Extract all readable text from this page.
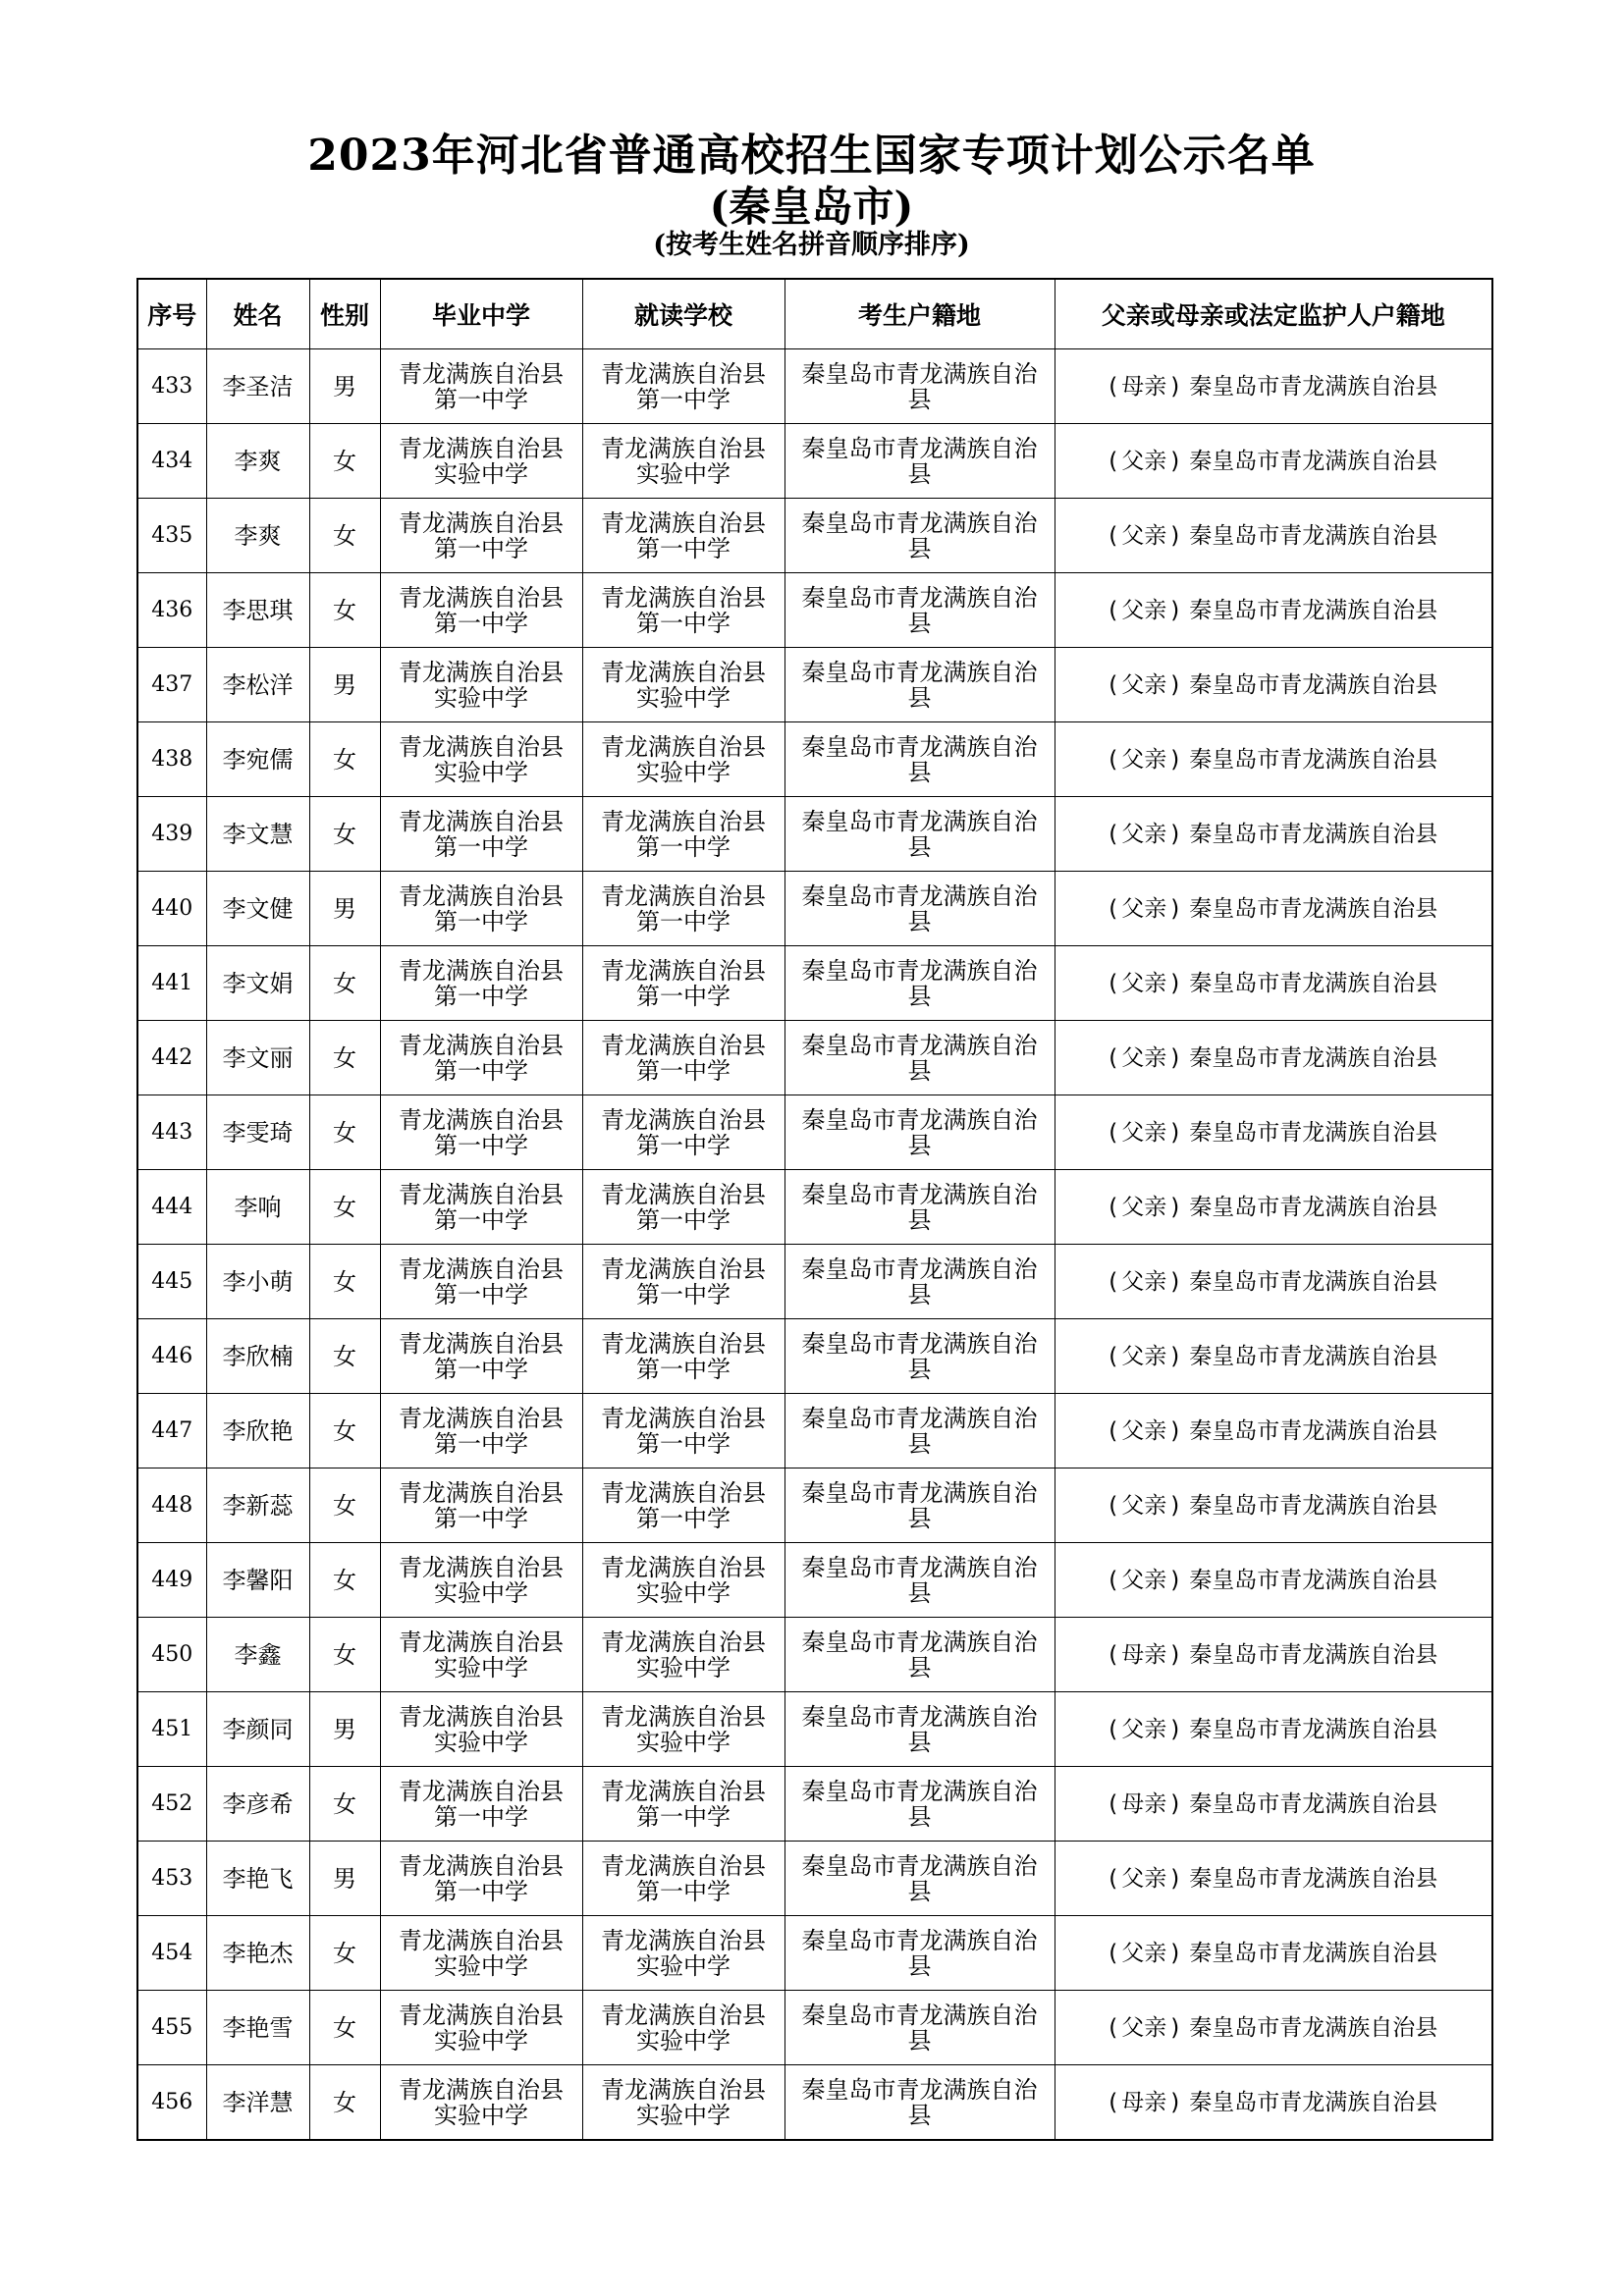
2023年河北省普通高校招生国家专项计划公示名单
(秦皇岛市)
(按考生姓名拼音顺序排序)
序号	姓名	性别	毕业中学	就读学校	考生户籍地	父亲或母亲或法定监护人户籍地
433	李圣洁	男	青龙满族自治县第一中学	青龙满族自治县第一中学	秦皇岛市青龙满族自治县	( 母亲 ) 秦皇岛市青龙满族自治县
434	李爽	女	青龙满族自治县实验中学	青龙满族自治县实验中学	秦皇岛市青龙满族自治县	( 父亲 ) 秦皇岛市青龙满族自治县
435	李爽	女	青龙满族自治县第一中学	青龙满族自治县第一中学	秦皇岛市青龙满族自治县	( 父亲 ) 秦皇岛市青龙满族自治县
436	李思琪	女	青龙满族自治县第一中学	青龙满族自治县第一中学	秦皇岛市青龙满族自治县	( 父亲 ) 秦皇岛市青龙满族自治县
437	李松洋	男	青龙满族自治县实验中学	青龙满族自治县实验中学	秦皇岛市青龙满族自治县	( 父亲 ) 秦皇岛市青龙满族自治县
438	李宛儒	女	青龙满族自治县实验中学	青龙满族自治县实验中学	秦皇岛市青龙满族自治县	( 父亲 ) 秦皇岛市青龙满族自治县
439	李文慧	女	青龙满族自治县第一中学	青龙满族自治县第一中学	秦皇岛市青龙满族自治县	( 父亲 ) 秦皇岛市青龙满族自治县
440	李文健	男	青龙满族自治县第一中学	青龙满族自治县第一中学	秦皇岛市青龙满族自治县	( 父亲 ) 秦皇岛市青龙满族自治县
441	李文娟	女	青龙满族自治县第一中学	青龙满族自治县第一中学	秦皇岛市青龙满族自治县	( 父亲 ) 秦皇岛市青龙满族自治县
442	李文丽	女	青龙满族自治县第一中学	青龙满族自治县第一中学	秦皇岛市青龙满族自治县	( 父亲 ) 秦皇岛市青龙满族自治县
443	李雯琦	女	青龙满族自治县第一中学	青龙满族自治县第一中学	秦皇岛市青龙满族自治县	( 父亲 ) 秦皇岛市青龙满族自治县
444	李响	女	青龙满族自治县第一中学	青龙满族自治县第一中学	秦皇岛市青龙满族自治县	( 父亲 ) 秦皇岛市青龙满族自治县
445	李小萌	女	青龙满族自治县第一中学	青龙满族自治县第一中学	秦皇岛市青龙满族自治县	( 父亲 ) 秦皇岛市青龙满族自治县
446	李欣楠	女	青龙满族自治县第一中学	青龙满族自治县第一中学	秦皇岛市青龙满族自治县	( 父亲 ) 秦皇岛市青龙满族自治县
447	李欣艳	女	青龙满族自治县第一中学	青龙满族自治县第一中学	秦皇岛市青龙满族自治县	( 父亲 ) 秦皇岛市青龙满族自治县
448	李新蕊	女	青龙满族自治县第一中学	青龙满族自治县第一中学	秦皇岛市青龙满族自治县	( 父亲 ) 秦皇岛市青龙满族自治县
449	李馨阳	女	青龙满族自治县实验中学	青龙满族自治县实验中学	秦皇岛市青龙满族自治县	( 父亲 ) 秦皇岛市青龙满族自治县
450	李鑫	女	青龙满族自治县实验中学	青龙满族自治县实验中学	秦皇岛市青龙满族自治县	( 母亲 ) 秦皇岛市青龙满族自治县
451	李颜同	男	青龙满族自治县实验中学	青龙满族自治县实验中学	秦皇岛市青龙满族自治县	( 父亲 ) 秦皇岛市青龙满族自治县
452	李彦希	女	青龙满族自治县第一中学	青龙满族自治县第一中学	秦皇岛市青龙满族自治县	( 母亲 ) 秦皇岛市青龙满族自治县
453	李艳飞	男	青龙满族自治县第一中学	青龙满族自治县第一中学	秦皇岛市青龙满族自治县	( 父亲 ) 秦皇岛市青龙满族自治县
454	李艳杰	女	青龙满族自治县实验中学	青龙满族自治县实验中学	秦皇岛市青龙满族自治县	( 父亲 ) 秦皇岛市青龙满族自治县
455	李艳雪	女	青龙满族自治县实验中学	青龙满族自治县实验中学	秦皇岛市青龙满族自治县	( 父亲 ) 秦皇岛市青龙满族自治县
456	李洋慧	女	青龙满族自治县实验中学	青龙满族自治县实验中学	秦皇岛市青龙满族自治县	( 母亲 ) 秦皇岛市青龙满族自治县
